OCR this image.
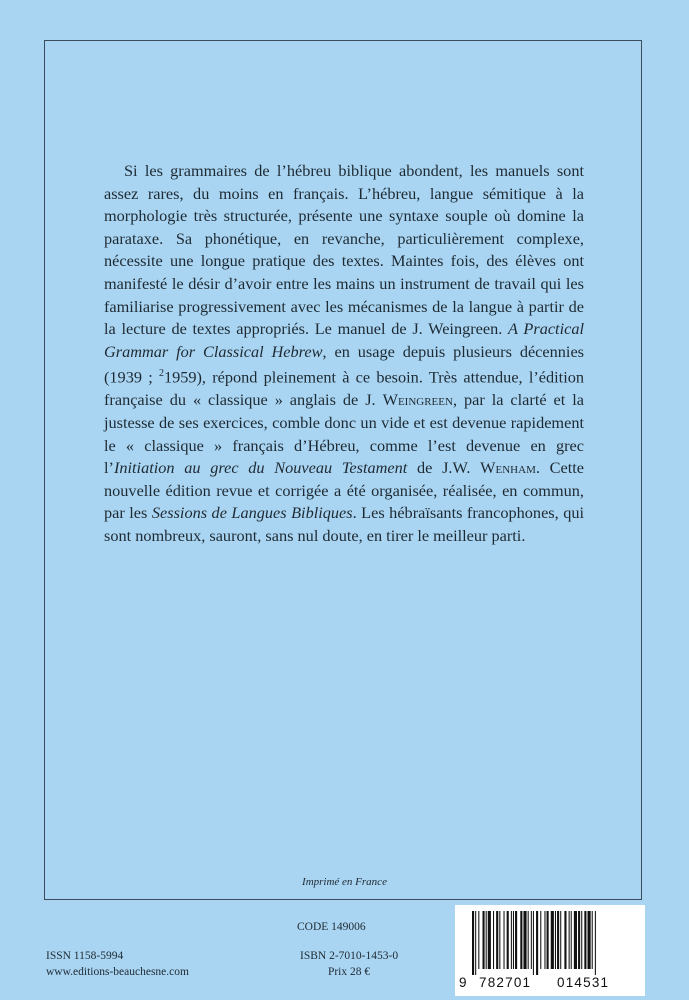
Si les grammaires de l’hébreu biblique abondent, les manuels sont assez rares, du moins en français. L’hébreu, langue sémitique à la morphologie très structurée, présente une syntaxe souple où domine la parataxe. Sa phonétique, en revanche, particulièrement complexe, nécessite une longue pratique des textes. Maintes fois, des élèves ont manifesté le désir d’avoir entre les mains un instrument de travail qui les familiarise progressivement avec les mécanismes de la langue à partir de la lecture de textes appropriés. Le manuel de J. Weingreen. A Practical Grammar for Classical Hebrew, en usage depuis plusieurs décennies (1939 ; $^2$1959), répond pleinement à ce besoin. Très attendue, l’édition française du « classique » anglais de J. Weingreen, par la clarté et la justesse de ses exercices, comble donc un vide et est devenue rapidement le « classique » français d’Hébreu, comme l’est devenue en grec l’Initiation au grec du Nouveau Testament de J.W. Wenham. Cette nouvelle édition revue et corrigée a été organisée, réalisée, en commun, par les Sessions de Langues Bibliques. Les hébraïsants francophones, qui sont nombreux, sauront, sans nul doute, en tirer le meilleur parti.

Imprimé en France
CODE 149006
ISSN 1158-5994
www.editions-beauchesne.com
ISBN 2-7010-1453-0
Prix 28 €
9 782701 014531
